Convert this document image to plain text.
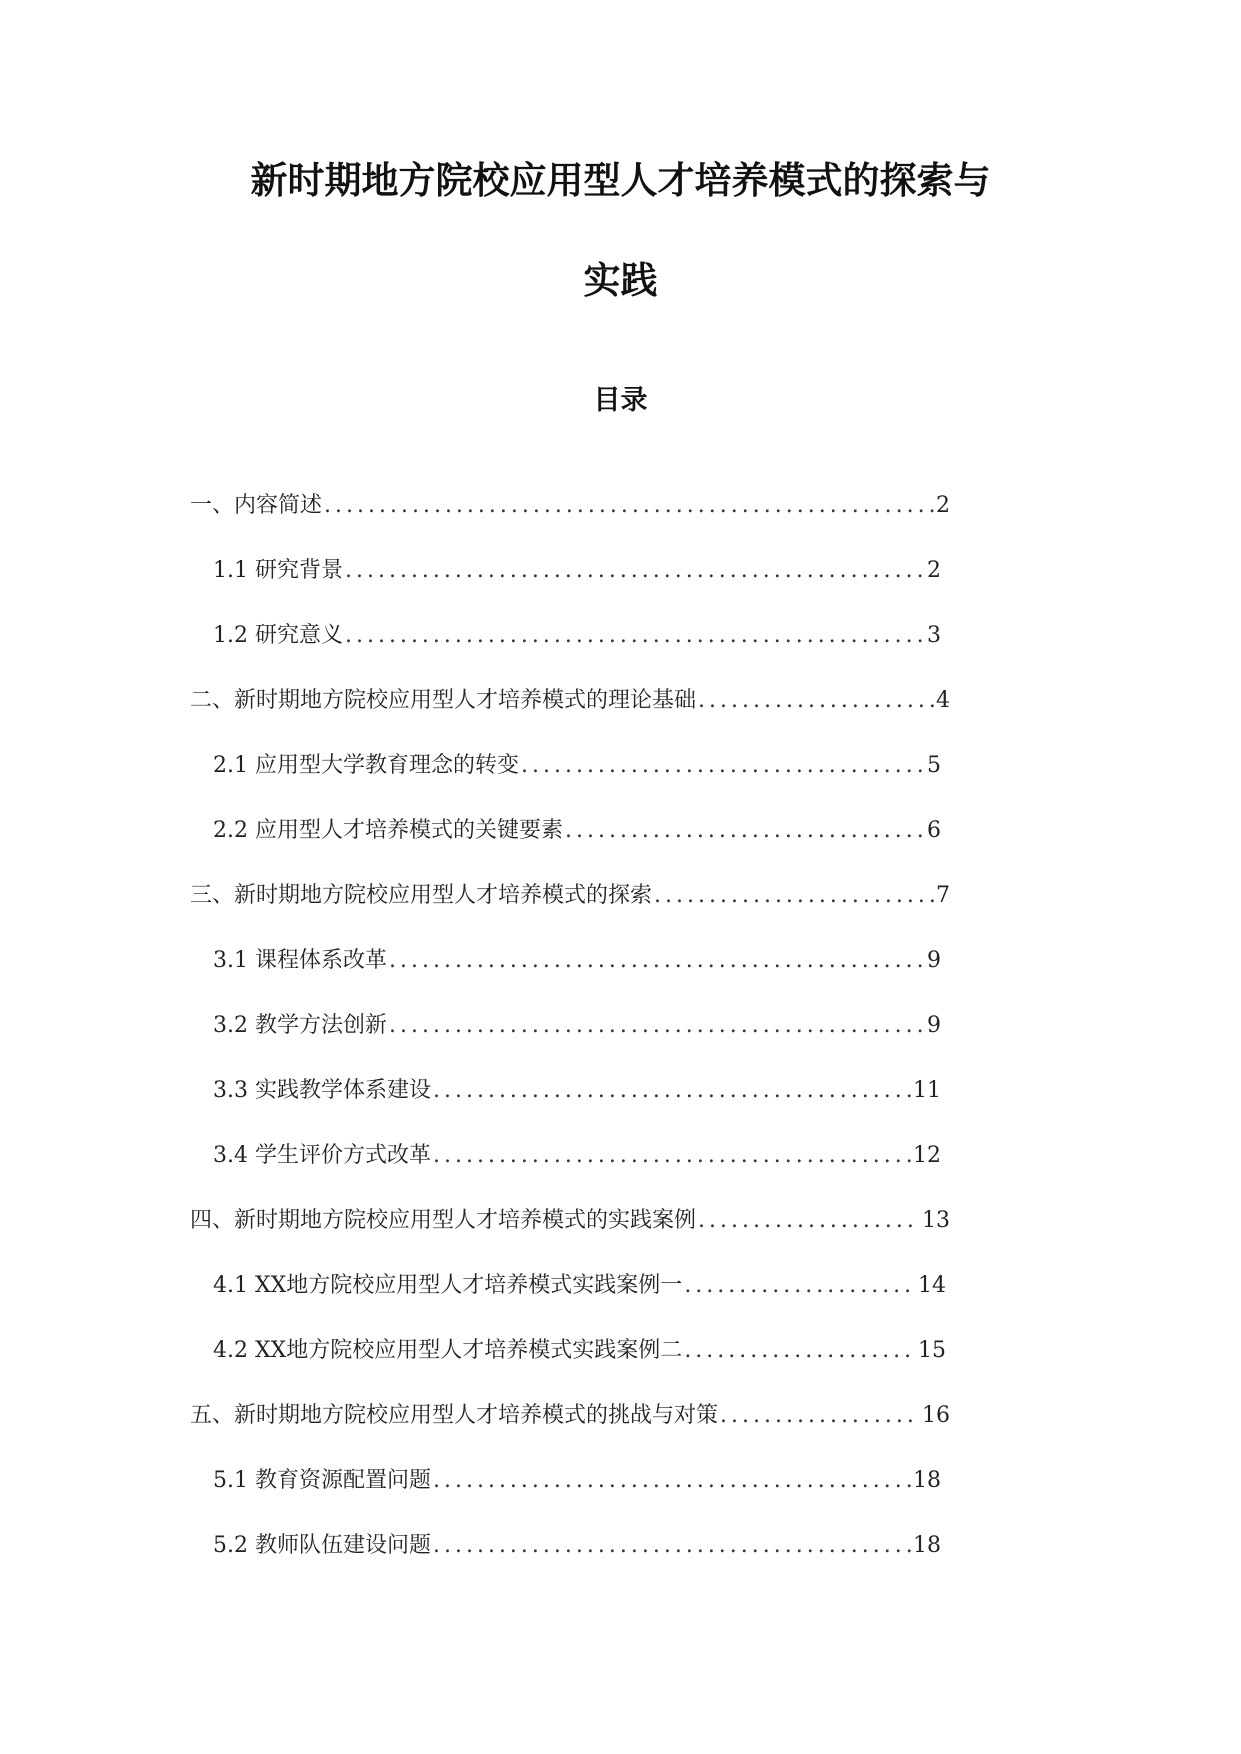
新时期地方院校应用型人才培养模式的探索与
实践
目录
一、内容简述 .....	2
1.1 研究背景 .....	2
1.2 研究意义 .....	3
二、新时期地方院校应用型人才培养模式的理论基础 .....	4
2.1 应用型大学教育理念的转变 .....	5
2.2 应用型人才培养模式的关键要素 .....	6
三、新时期地方院校应用型人才培养模式的探索 .....	7
3.1 课程体系改革 .....	9
3.2 教学方法创新 .....	9
3.3 实践教学体系建设 .....	11
3.4 学生评价方式改革 .....	12
四、新时期地方院校应用型人才培养模式的实践案例 .....	13
4.1 XX地方院校应用型人才培养模式实践案例一 .....	14
4.2 XX地方院校应用型人才培养模式实践案例二 .....	15
五、新时期地方院校应用型人才培养模式的挑战与对策 .....	16
5.1 教育资源配置问题 .....	18
5.2 教师队伍建设问题 .....	18
